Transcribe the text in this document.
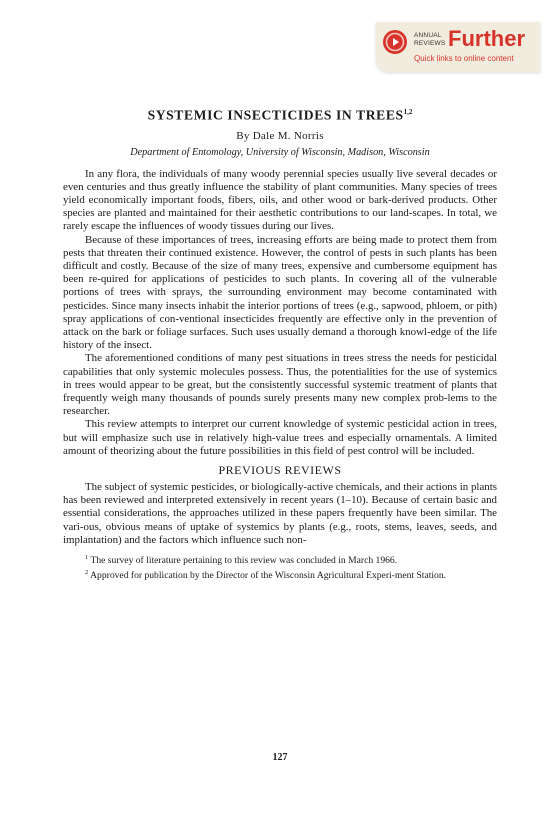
ANNUAL
REVIEWS Further
Quick links to online content
SYSTEMIC INSECTICIDES IN TREES$^{1,2}$
By Dale M. Norris
Department of Entomology, University of Wisconsin, Madison, Wisconsin

In any flora, the individuals of many woody perennial species usually live several decades or even centuries and thus greatly influence the stability of plant communities. Many species of trees yield economically important foods, fibers, oils, and other wood or bark-derived products. Other species are planted and maintained for their aesthetic contributions to our land-scapes. In total, we rarely escape the influences of woody tissues during our lives.

Because of these importances of trees, increasing efforts are being made to protect them from pests that threaten their continued existence. However, the control of pests in such plants has been difficult and costly. Because of the size of many trees, expensive and cumbersome equipment has been re-quired for applications of pesticides to such plants. In covering all of the vulnerable portions of trees with sprays, the surrounding environment may become contaminated with pesticides. Since many insects inhabit the interior portions of trees (e.g., sapwood, phloem, or pith) spray applications of con-ventional insecticides frequently are effective only in the prevention of attack on the bark or foliage surfaces. Such uses usually demand a thorough knowl-edge of the life history of the insect.

The aforementioned conditions of many pest situations in trees stress the needs for pesticidal capabilities that only systemic molecules possess. Thus, the potentialities for the use of systemics in trees would appear to be great, but the consistently successful systemic treatment of plants that frequently weigh many thousands of pounds surely presents many new complex prob-lems to the researcher.

This review attempts to interpret our current knowledge of systemic pesticidal action in trees, but will emphasize such use in relatively high-value trees and especially ornamentals. A limited amount of theorizing about the future possibilities in this field of pest control will be included.

PREVIOUS REVIEWS

The subject of systemic pesticides, or biologically-active chemicals, and their actions in plants has been reviewed and interpreted extensively in recent years (1–10). Because of certain basic and essential considerations, the approaches utilized in these papers frequently have been similar. The vari-ous, obvious means of uptake of systemics by plants (e.g., roots, stems, leaves, seeds, and implantation) and the factors which influence such non-

$^1$ The survey of literature pertaining to this review was concluded in March 1966.

$^2$ Approved for publication by the Director of the Wisconsin Agricultural Experi-ment Station.

127
